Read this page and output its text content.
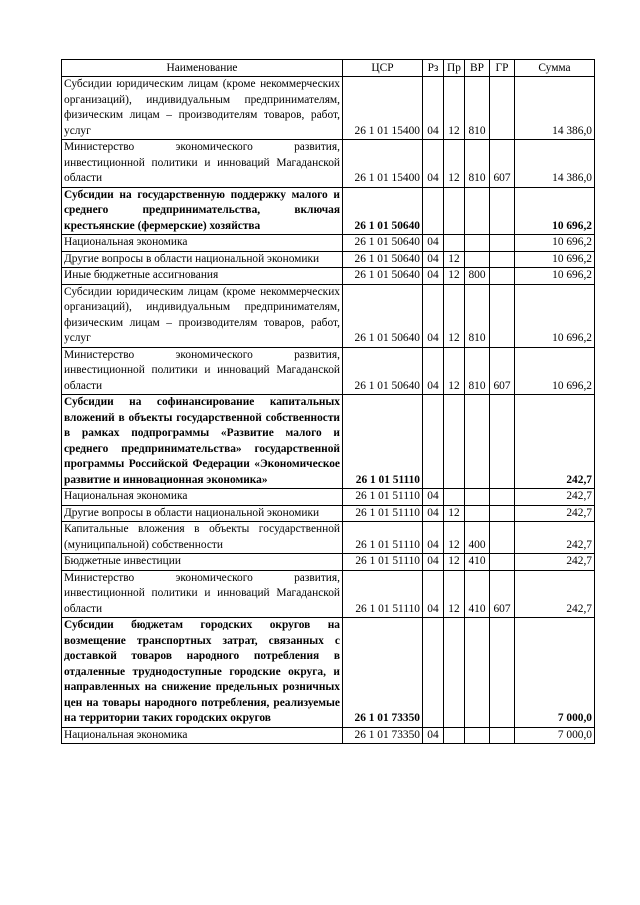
Наименование	ЦСР	Рз	Пр	ВР	ГР	Сумма
Субсидии юридическим лицам (кроме некоммерческих организаций), индивидуальным предпринимателям, физическим лицам – производителям товаров, работ, услуг	26 1 01 15400	04	12	810		14 386,0
Министерство экономического развития, инвестиционной политики и инноваций Магаданской области	26 1 01 15400	04	12	810	607	14 386,0
Субсидии на государственную поддержку малого и среднего предпринимательства, включая крестьянские (фермерские) хозяйства	26 1 01 50640					10 696,2
Национальная экономика	26 1 01 50640	04				10 696,2
Другие вопросы в области национальной экономики	26 1 01 50640	04	12			10 696,2
Иные бюджетные ассигнования	26 1 01 50640	04	12	800		10 696,2
Субсидии юридическим лицам (кроме некоммерческих организаций), индивидуальным предпринимателям, физическим лицам – производителям товаров, работ, услуг	26 1 01 50640	04	12	810		10 696,2
Министерство экономического развития, инвестиционной политики и инноваций Магаданской области	26 1 01 50640	04	12	810	607	10 696,2
Субсидии на софинансирование капитальных вложений в объекты государственной собственности в рамках подпрограммы «Развитие малого и среднего предпринимательства» государственной программы Российской Федерации «Экономическое развитие и инновационная экономика»	26 1 01 51110					242,7
Национальная экономика	26 1 01 51110	04				242,7
Другие вопросы в области национальной экономики	26 1 01 51110	04	12			242,7
Капитальные вложения в объекты государственной (муниципальной) собственности	26 1 01 51110	04	12	400		242,7
Бюджетные инвестиции	26 1 01 51110	04	12	410		242,7
Министерство экономического развития, инвестиционной политики и инноваций Магаданской области	26 1 01 51110	04	12	410	607	242,7
Субсидии бюджетам городских округов на возмещение транспортных затрат, связанных с доставкой товаров народного потребления в отдаленные труднодоступные городские округа, и направленных на снижение предельных розничных цен на товары народного потребления, реализуемые на территории таких городских округов	26 1 01 73350					7 000,0
Национальная экономика	26 1 01 73350	04				7 000,0
